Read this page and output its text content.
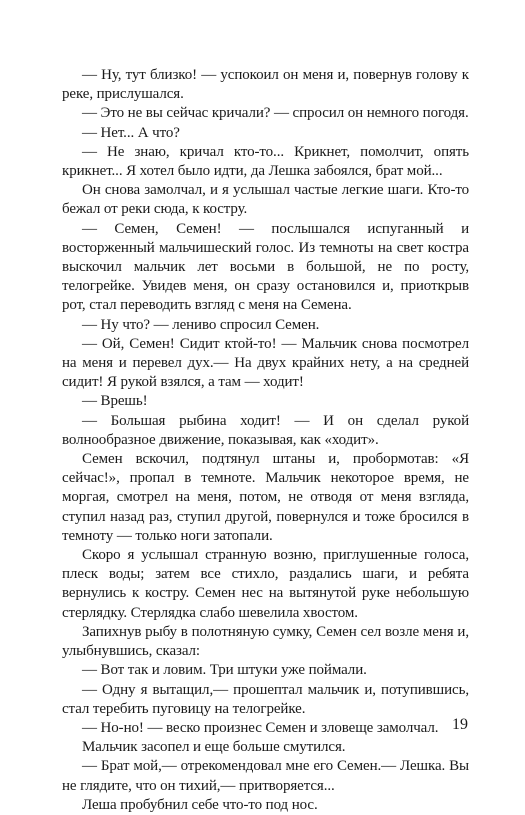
— Ну, тут близко! — успокоил он меня и, повернув голову к реке, прислушался.

— Это не вы сейчас кричали? — спросил он немного погодя.

— Нет... А что?

— Не знаю, кричал кто-то... Крикнет, помолчит, опять крикнет... Я хотел было идти, да Лешка забоялся, брат мой...

Он снова замолчал, и я услышал частые легкие шаги. Кто-то бежал от реки сюда, к костру.

— Семен, Семен! — послышался испуганный и восторженный мальчишеский голос. Из темноты на свет костра выскочил мальчик лет восьми в большой, не по росту, телогрейке. Увидев меня, он сразу остановился и, приоткрыв рот, стал переводить взгляд с меня на Семена.

— Ну что? — лениво спросил Семен.

— Ой, Семен! Сидит ктой-то! — Мальчик снова посмотрел на меня и перевел дух.— На двух крайних нету, а на средней сидит! Я рукой взялся, а там — ходит!

— Врешь!

— Большая рыбина ходит! — И он сделал рукой волнообразное движение, показывая, как «ходит».

Семен вскочил, подтянул штаны и, пробормотав: «Я сейчас!», пропал в темноте. Мальчик некоторое время, не моргая, смотрел на меня, потом, не отводя от меня взгляда, ступил назад раз, ступил другой, повернулся и тоже бросился в темноту — только ноги затопали.

Скоро я услышал странную возню, приглушенные голоса, плеск воды; затем все стихло, раздались шаги, и ребята вернулись к костру. Семен нес на вытянутой руке небольшую стерлядку. Стерлядка слабо шевелила хвостом.

Запихнув рыбу в полотняную сумку, Семен сел возле меня и, улыбнувшись, сказал:

— Вот так и ловим. Три штуки уже поймали.

— Одну я вытащил,— прошептал мальчик и, потупившись, стал теребить пуговицу на телогрейке.

— Но-но! — веско произнес Семен и зловеще замолчал.

Мальчик засопел и еще больше смутился.

— Брат мой,— отрекомендовал мне его Семен.— Лешка. Вы не глядите, что он тихий,— притворяется...

Леша пробубнил себе что-то под нос.

19
